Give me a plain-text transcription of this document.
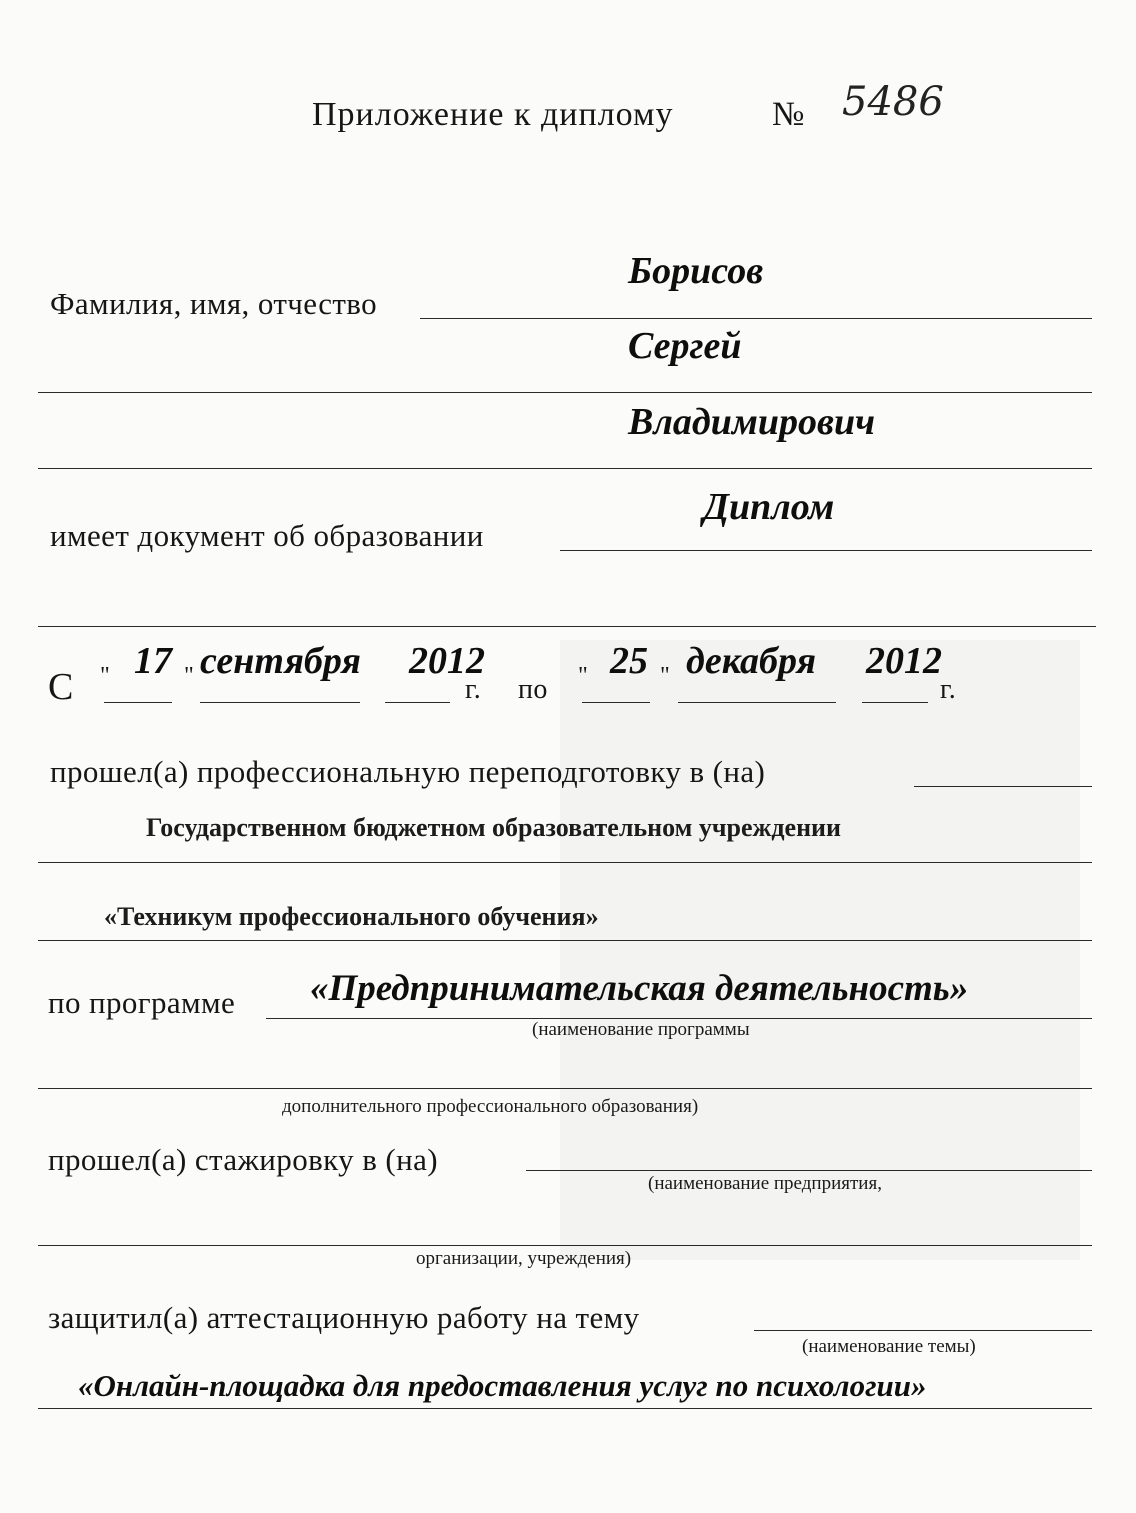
Приложение к диплому	№ 5486
Борисов
Фамилия, имя, отчество
Сергей
Владимирович
Диплом
имеет документ об образовании
С " 17 " сентября 2012
г. по " 25 " декабря 2012
г.
прошел(а) профессиональную переподготовку в (на)
Государственном бюджетном образовательном учреждении
«Техникум профессионального обучения»
«Предпринимательская деятельность»
по программе
(наименование программы
дополнительного профессионального образования)
прошел(а) стажировку в (на)
(наименование предприятия,
организации, учреждения)
защитил(а) аттестационную работу на тему
(наименование темы)
«Онлайн-площадка для предоставления услуг по психологии»
